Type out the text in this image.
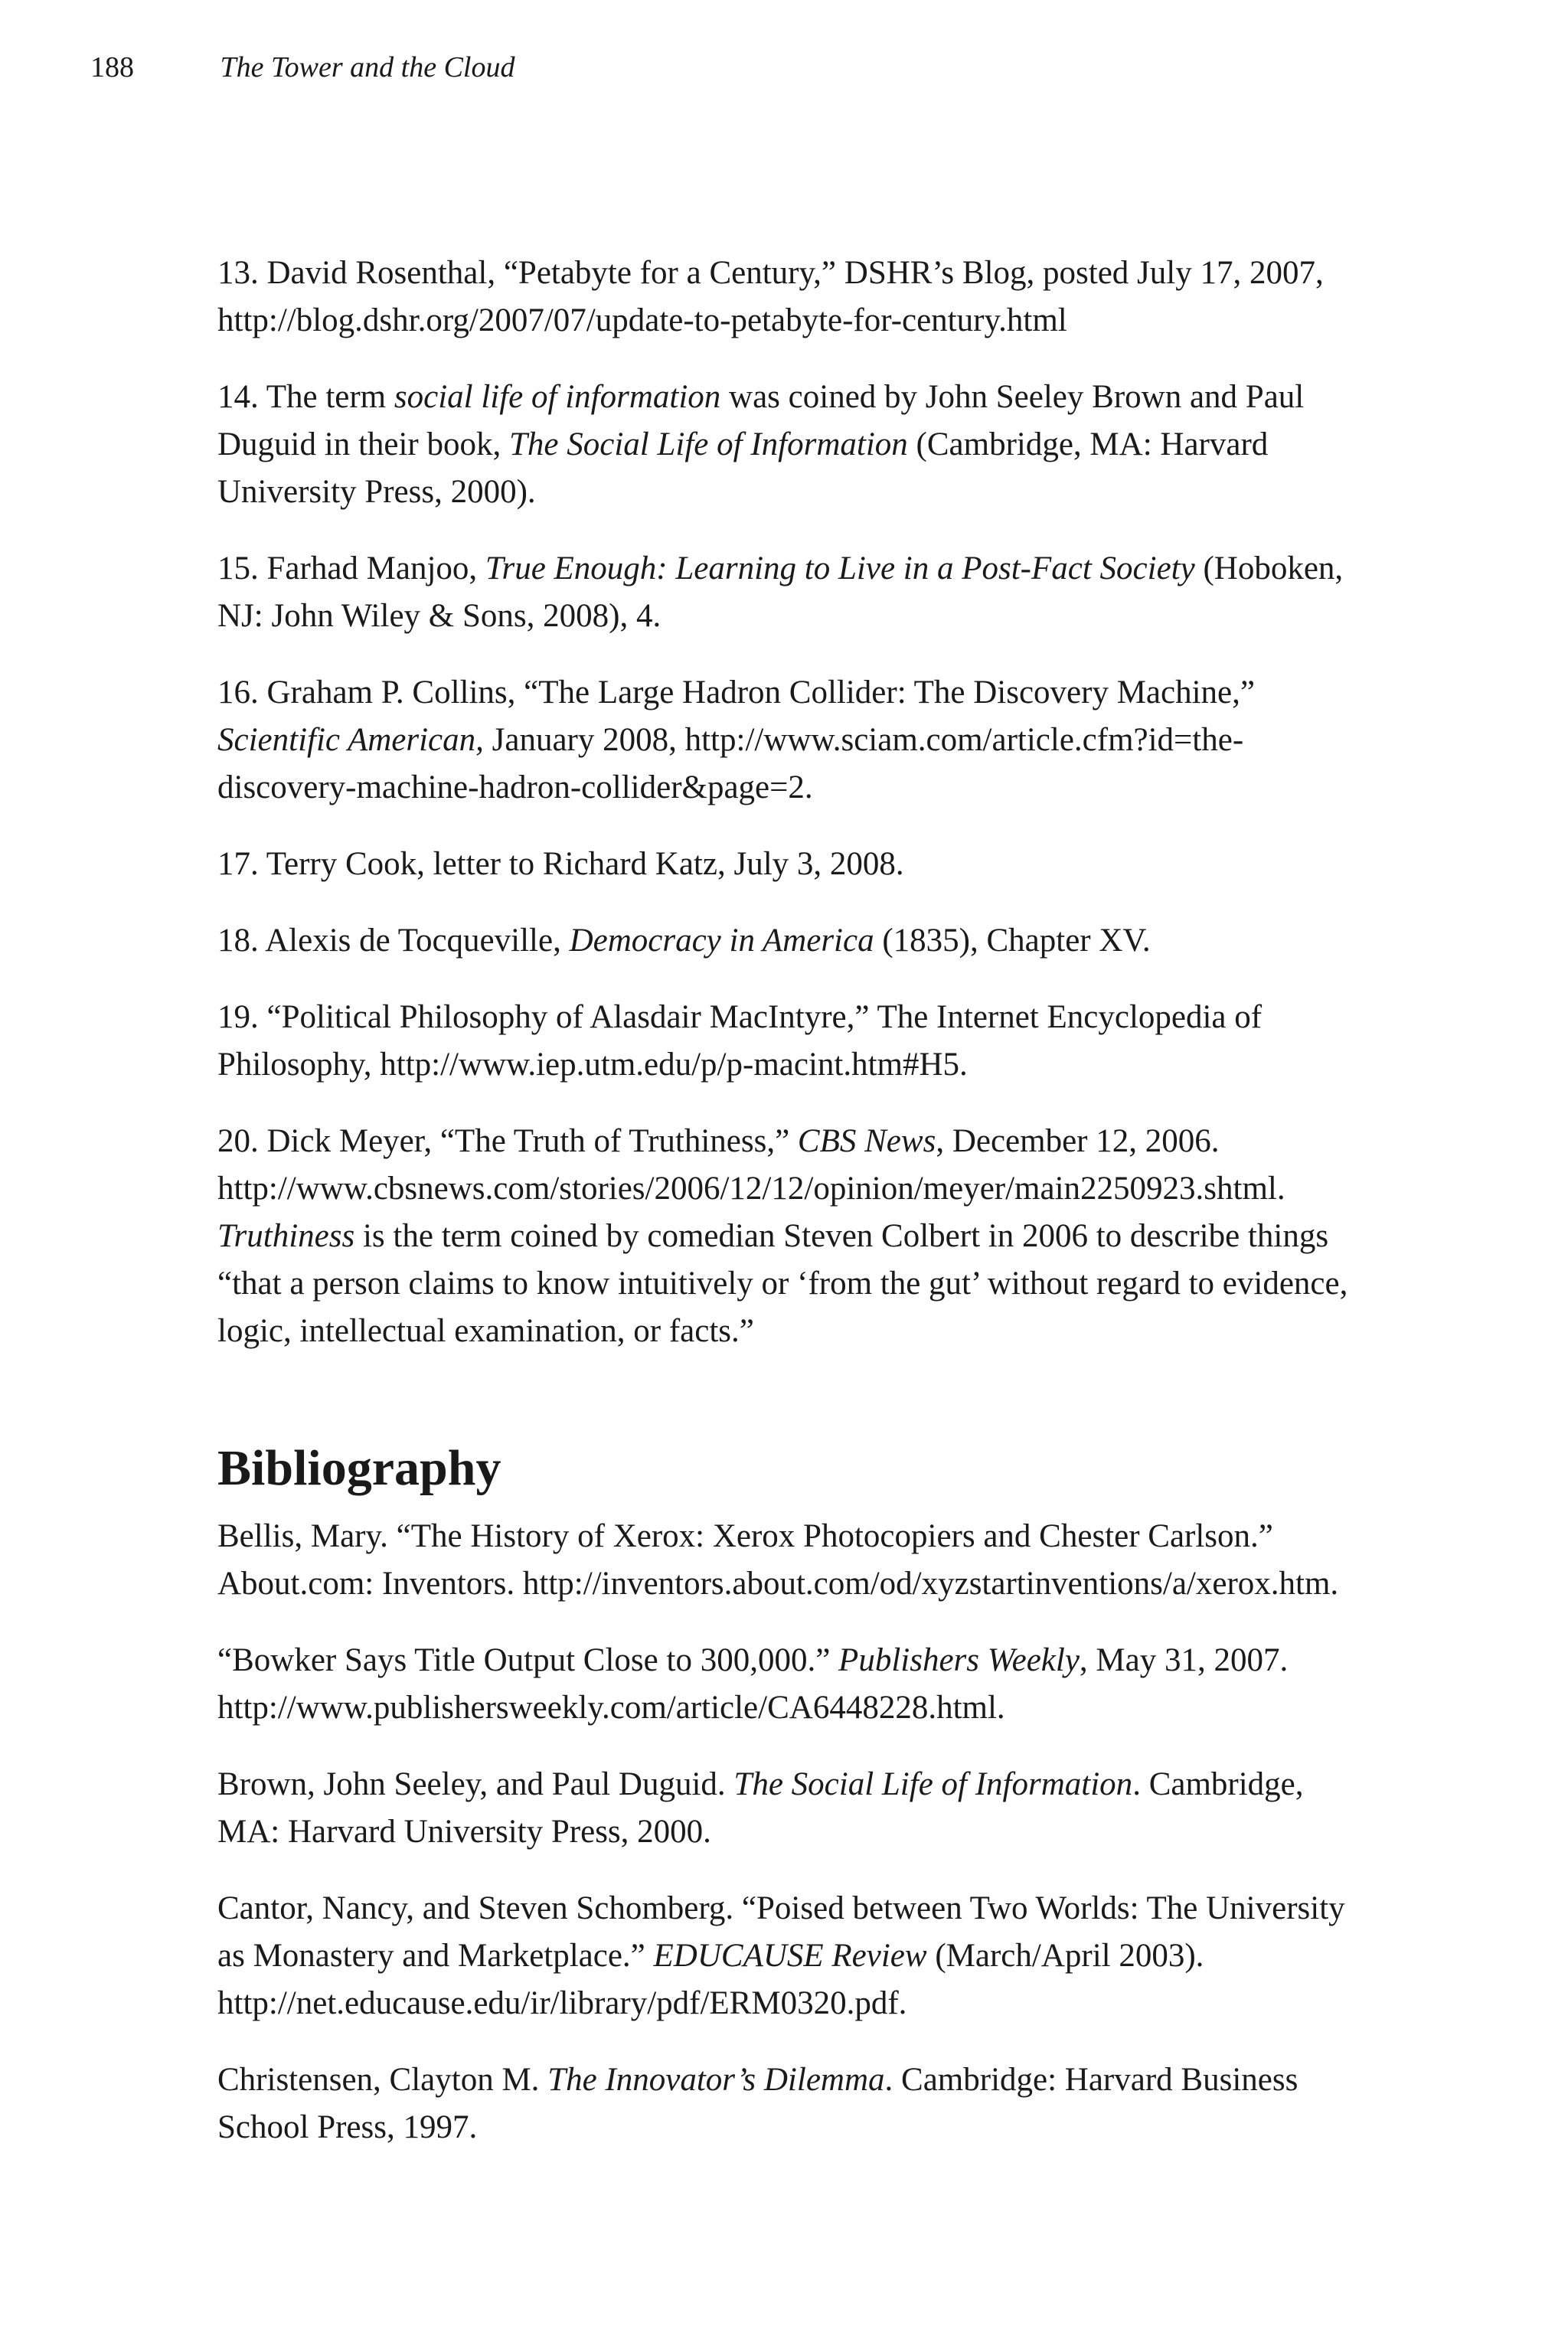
188	The Tower and the Cloud

13. David Rosenthal, “Petabyte for a Century,” DSHR’s Blog, posted July 17, 2007, http://blog.dshr.org/2007/07/update-to-petabyte-for-century.html

14. The term social life of information was coined by John Seeley Brown and Paul Duguid in their book, The Social Life of Information (Cambridge, MA: Harvard University Press, 2000).

15. Farhad Manjoo, True Enough: Learning to Live in a Post-Fact Society (Hoboken, NJ: John Wiley & Sons, 2008), 4.

16. Graham P. Collins, “The Large Hadron Collider: The Discovery Machine,” Scientific American, January 2008, http://www.sciam.com/article.cfm?id=the-discovery-machine-hadron-collider&page=2.

17. Terry Cook, letter to Richard Katz, July 3, 2008.

18. Alexis de Tocqueville, Democracy in America (1835), Chapter XV.

19. “Political Philosophy of Alasdair MacIntyre,” The Internet Encyclopedia of Philosophy, http://www.iep.utm.edu/p/p-macint.htm#H5.

20. Dick Meyer, “The Truth of Truthiness,” CBS News, December 12, 2006. http://www.cbsnews.com/stories/2006/12/12/opinion/meyer/main2250923.shtml. Truthiness is the term coined by comedian Steven Colbert in 2006 to describe things “that a person claims to know intuitively or ‘from the gut’ without regard to evidence, logic, intellectual examination, or facts.”

Bibliography

Bellis, Mary. “The History of Xerox: Xerox Photocopiers and Chester Carlson.” About.com: Inventors. http://inventors.about.com/od/xyzstartinventions/a/xerox.htm.

“Bowker Says Title Output Close to 300,000.” Publishers Weekly, May 31, 2007. http://www.publishersweekly.com/article/CA6448228.html.

Brown, John Seeley, and Paul Duguid. The Social Life of Information. Cambridge, MA: Harvard University Press, 2000.

Cantor, Nancy, and Steven Schomberg. “Poised between Two Worlds: The University as Monastery and Marketplace.” EDUCAUSE Review (March/April 2003). http://net.educause.edu/ir/library/pdf/ERM0320.pdf.

Christensen, Clayton M. The Innovator’s Dilemma. Cambridge: Harvard Business School Press, 1997.
